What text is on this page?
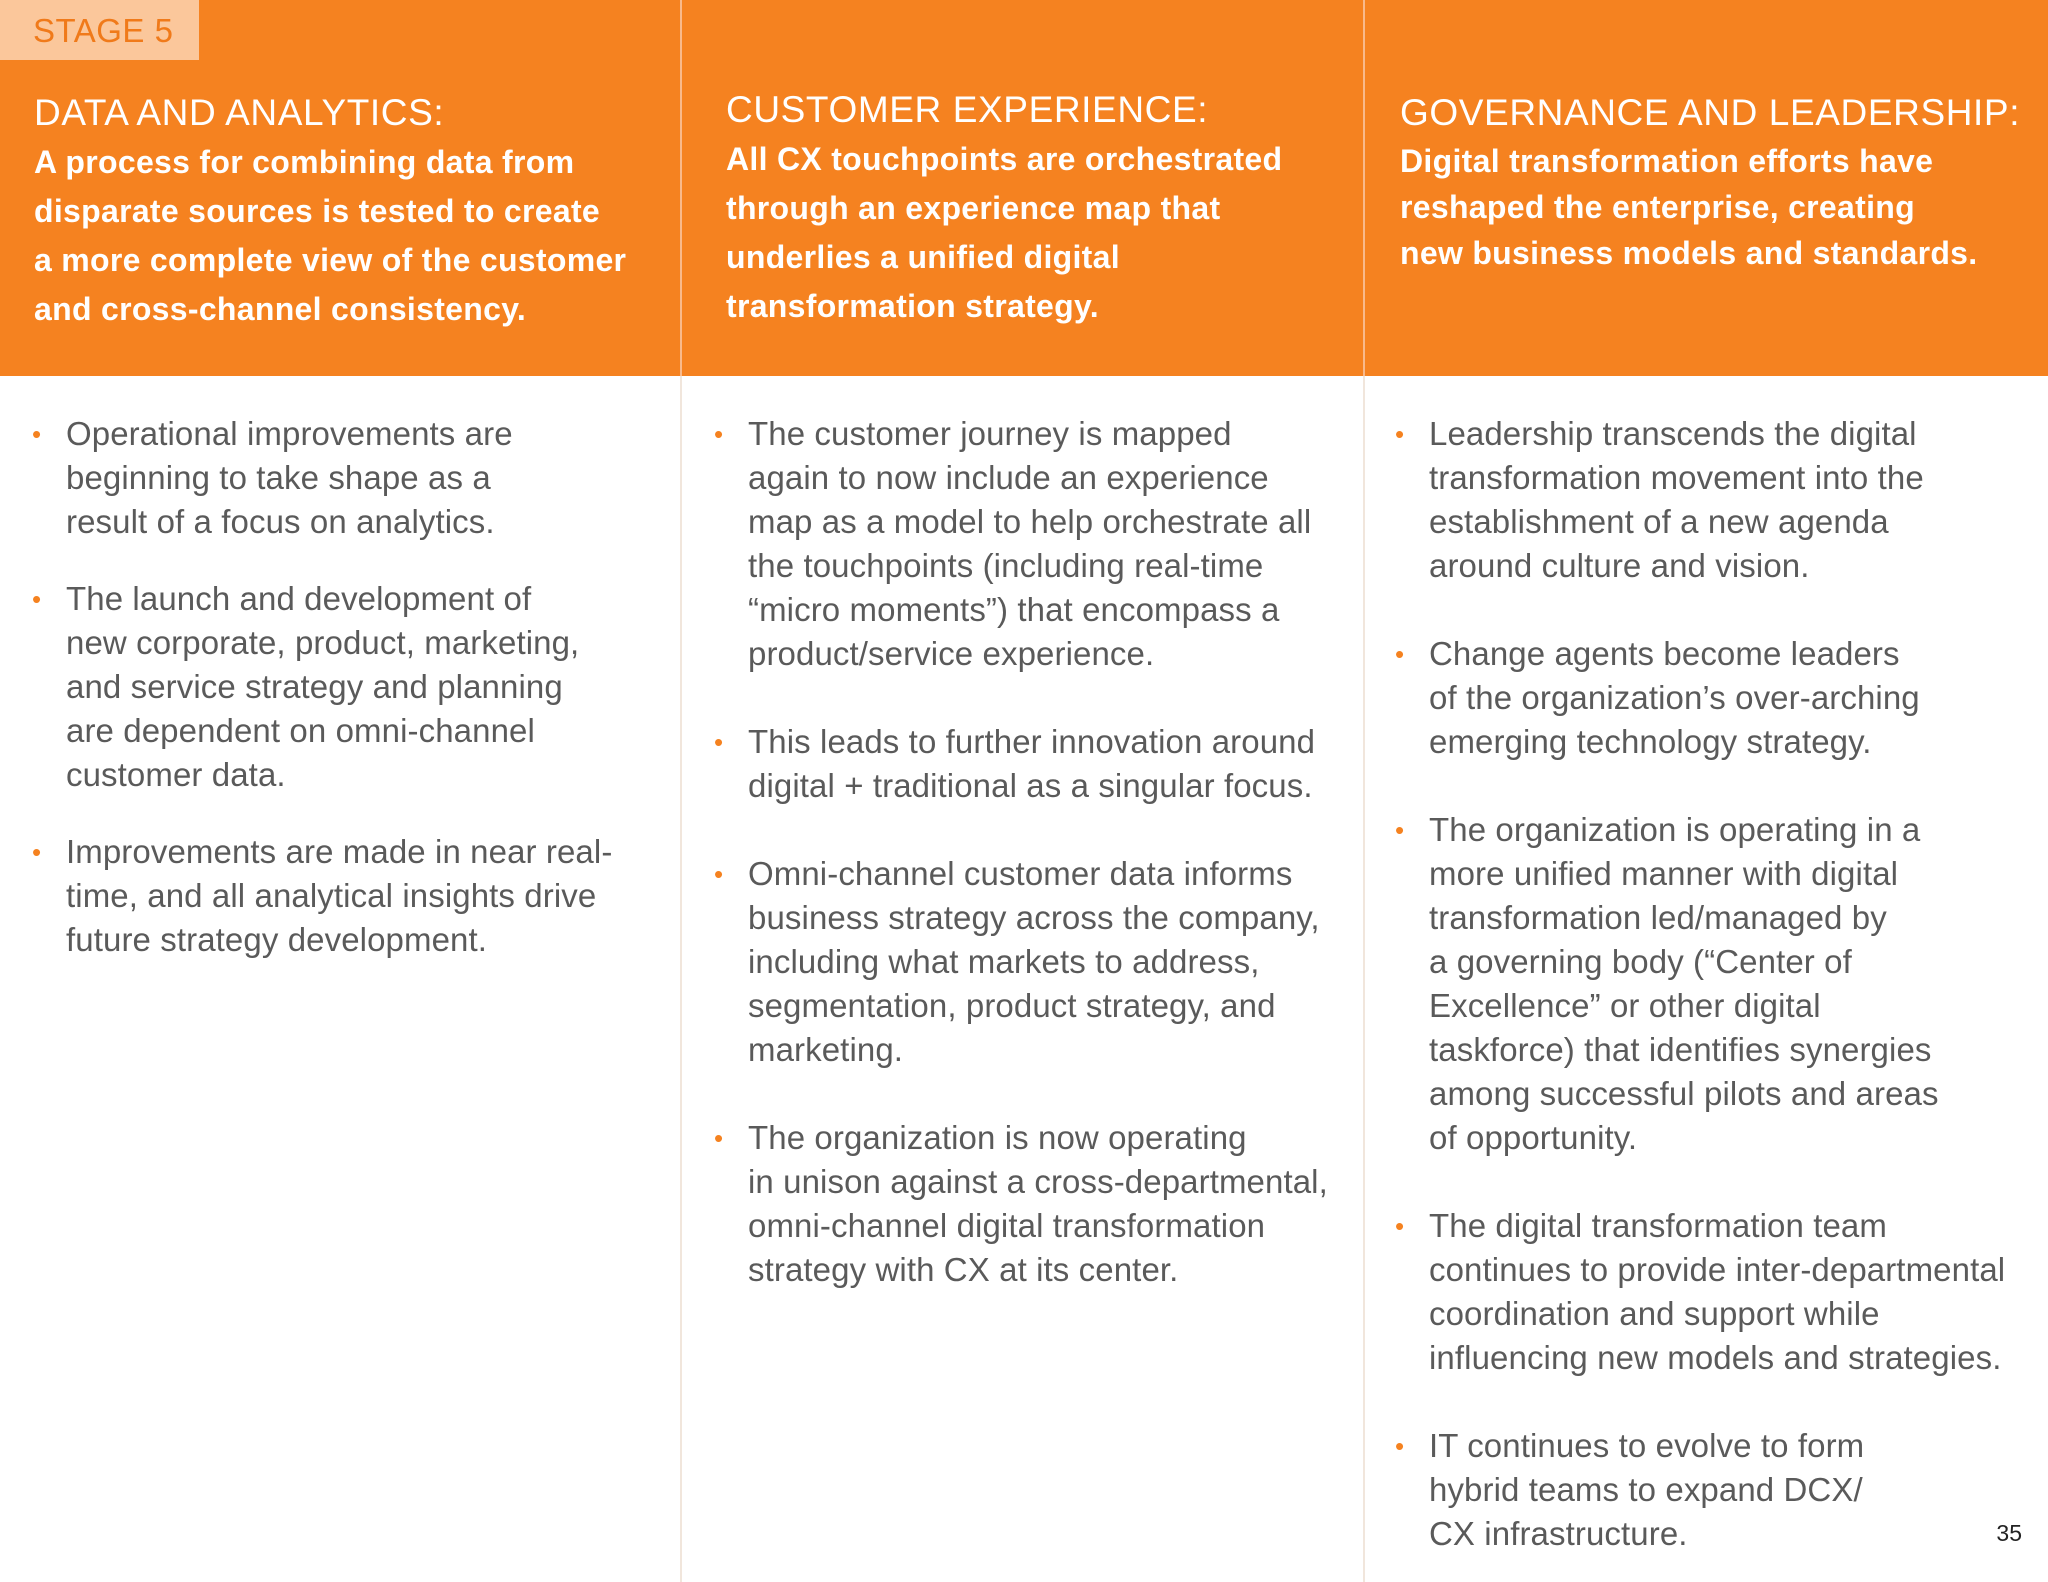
STAGE 5
DATA AND ANALYTICS:

A process for combining data from
disparate sources is tested to create
a more complete view of the customer
and cross-channel consistency.

CUSTOMER EXPERIENCE:

All CX touchpoints are orchestrated
through an experience map that
underlies a unified digital
transformation strategy.

GOVERNANCE AND LEADERSHIP:

Digital transformation efforts have
reshaped the enterprise, creating
new business models and standards.

• Operational improvements are
beginning to take shape as a
result of a focus on analytics.
• The launch and development of
new corporate, product, marketing,
and service strategy and planning
are dependent on omni-channel
customer data.
• Improvements are made in near real-
time, and all analytical insights drive
future strategy development.
• The customer journey is mapped
again to now include an experience
map as a model to help orchestrate all
the touchpoints (including real-time
“micro moments”) that encompass a
product/service experience.
• This leads to further innovation around
digital + traditional as a singular focus.
• Omni-channel customer data informs
business strategy across the company,
including what markets to address,
segmentation, product strategy, and
marketing.
• The organization is now operating
in unison against a cross-departmental,
omni-channel digital transformation
strategy with CX at its center.
• Leadership transcends the digital
transformation movement into the
establishment of a new agenda
around culture and vision.
• Change agents become leaders
of the organization’s over-arching
emerging technology strategy.
• The organization is operating in a
more unified manner with digital
transformation led/managed by
a governing body (“Center of
Excellence” or other digital
taskforce) that identifies synergies
among successful pilots and areas
of opportunity.
• The digital transformation team
continues to provide inter-departmental
coordination and support while
influencing new models and strategies.
• IT continues to evolve to form
hybrid teams to expand DCX/
CX infrastructure.	35
